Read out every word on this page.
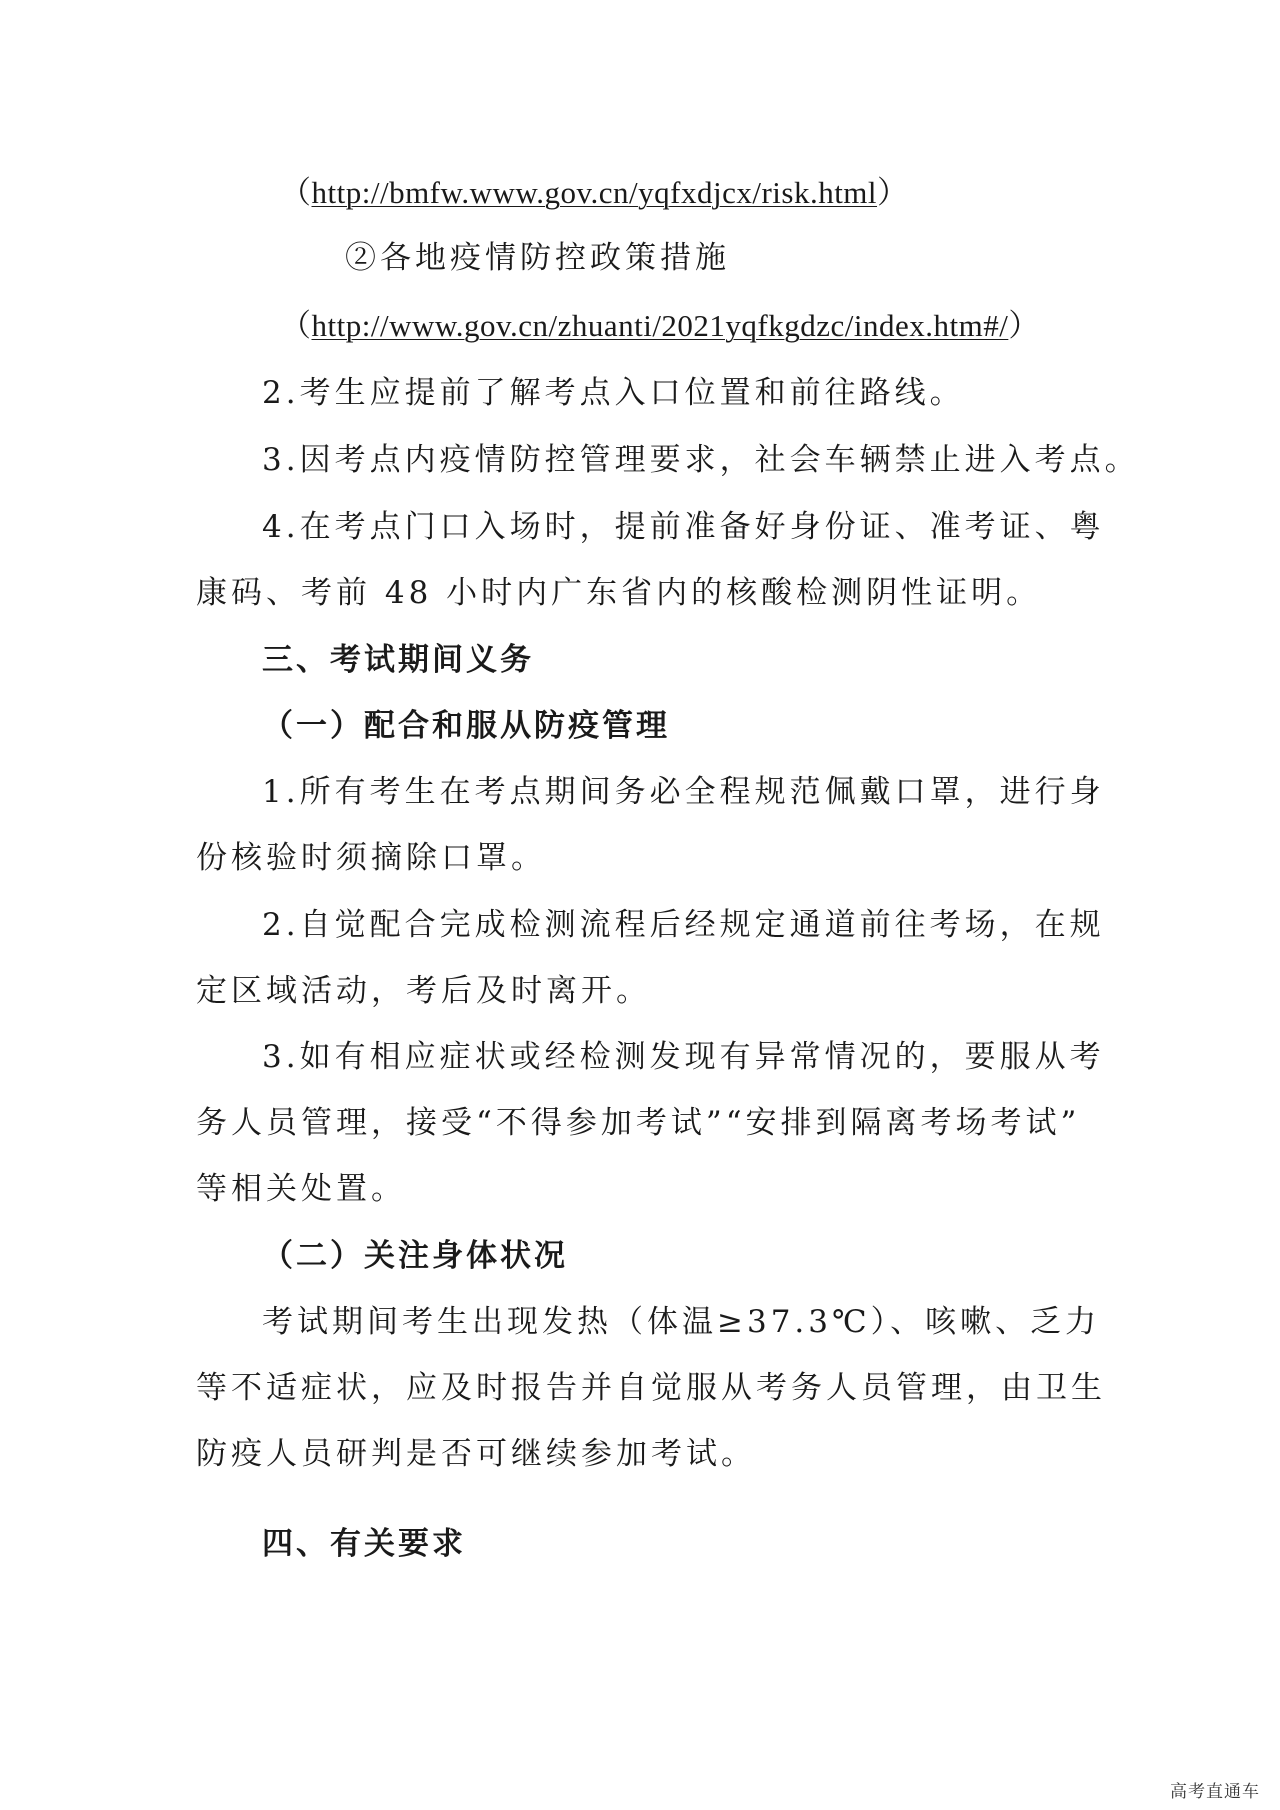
（http://bmfw.www.gov.cn/yqfxdjcx/risk.html）
②各地疫情防控政策措施
（http://www.gov.cn/zhuanti/2021yqfkgdzc/index.htm#/）
2.考生应提前了解考点入口位置和前往路线。
3.因考点内疫情防控管理要求，社会车辆禁止进入考点。
4.在考点门口入场时，提前准备好身份证、准考证、粤
康码、考前 48 小时内广东省内的核酸检测阴性证明。
三、考试期间义务
（一）配合和服从防疫管理
1.所有考生在考点期间务必全程规范佩戴口罩，进行身
份核验时须摘除口罩。
2.自觉配合完成检测流程后经规定通道前往考场，在规
定区域活动，考后及时离开。
3.如有相应症状或经检测发现有异常情况的，要服从考
务人员管理，接受“不得参加考试”“安排到隔离考场考试”
等相关处置。
（二）关注身体状况
考试期间考生出现发热（体温≥37.3℃）、咳嗽、乏力
等不适症状，应及时报告并自觉服从考务人员管理，由卫生
防疫人员研判是否可继续参加考试。
四、有关要求
高考直通车
